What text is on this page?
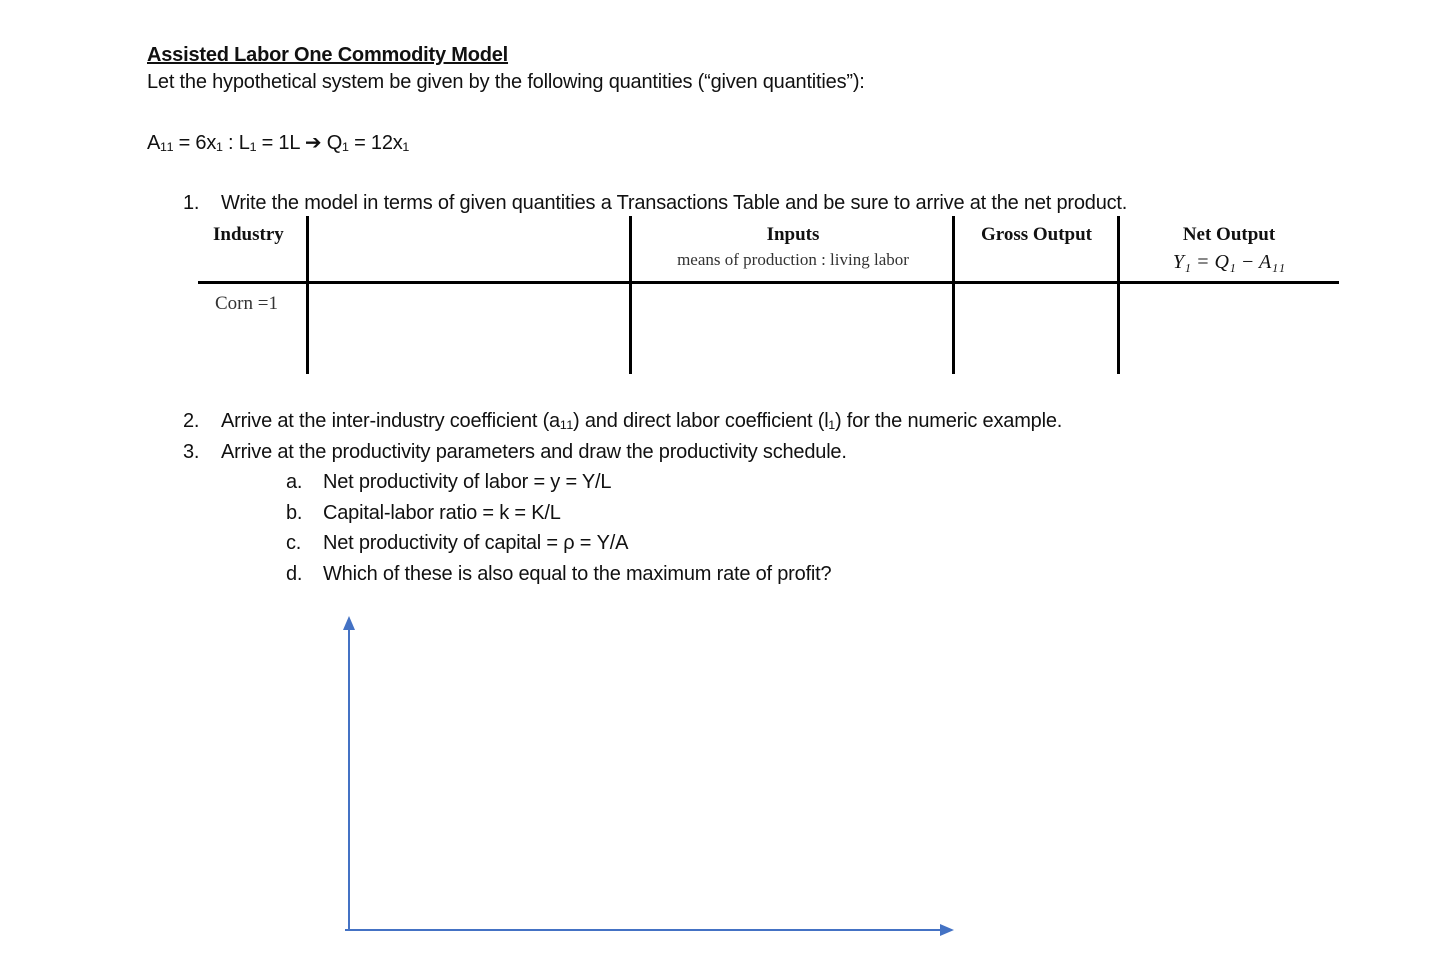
Assisted Labor One Commodity Model
Let the hypothetical system be given by the following quantities (“given quantities”):
A₁₁ = 6x₁ : L₁ = 1L ➔ Q₁ = 12x₁
1. Write the model in terms of given quantities a Transactions Table and be sure to arrive at the net product.
Industry	Inputs
means of production : living labor
Gross Output	Net Output
Y₁ = Q₁ − A₁₁
Corn =1
2. Arrive at the inter-industry coefficient (a₁₁) and direct labor coefficient (l₁) for the numeric example.
3. Arrive at the productivity parameters and draw the productivity schedule.
a. Net productivity of labor = y = Y/L
b. Capital-labor ratio = k = K/L
c. Net productivity of capital = ρ = Y/A
d. Which of these is also equal to the maximum rate of profit?
